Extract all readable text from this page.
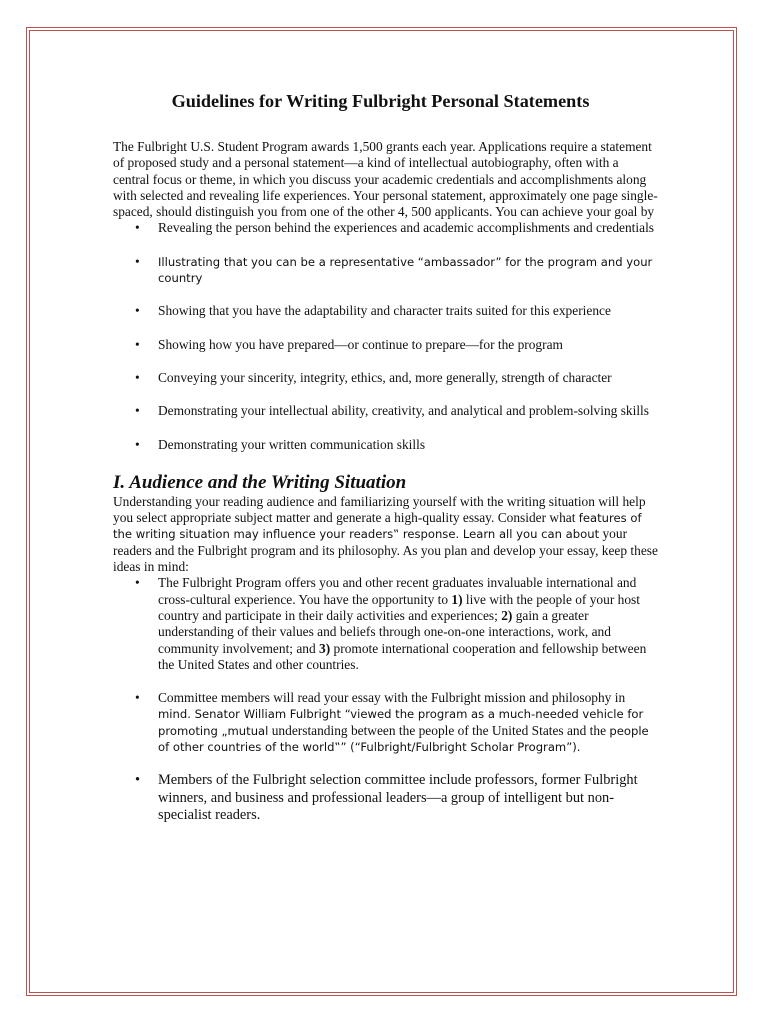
Guidelines for Writing Fulbright Personal Statements

The Fulbright U.S. Student Program awards 1,500 grants each year. Applications require a statement of proposed study and a personal statement—a kind of intellectual autobiography, often with a central focus or theme, in which you discuss your academic credentials and accomplishments along with selected and revealing life experiences. Your personal statement, approximately one page single-spaced, should distinguish you from one of the other 4, 500 applicants. You can achieve your goal by

• Revealing the person behind the experiences and academic accomplishments and credentials
• Illustrating that you can be a representative “ambassador” for the program and your country
• Showing that you have the adaptability and character traits suited for this experience
• Showing how you have prepared—or continue to prepare—for the program
• Conveying your sincerity, integrity, ethics, and, more generally, strength of character
• Demonstrating your intellectual ability, creativity, and analytical and problem-solving skills
• Demonstrating your written communication skills
I. Audience and the Writing Situation

Understanding your reading audience and familiarizing yourself with the writing situation will help you select appropriate subject matter and generate a high-quality essay. Consider what features of the writing situation may influence your readers‟ response. Learn all you can about your readers and the Fulbright program and its philosophy. As you plan and develop your essay, keep these ideas in mind:

• The Fulbright Program offers you and other recent graduates invaluable international and cross-cultural experience. You have the opportunity to 1) live with the people of your host country and participate in their daily activities and experiences; 2) gain a greater understanding of their values and beliefs through one-on-one interactions, work, and community involvement; and 3) promote international cooperation and fellowship between the United States and other countries.
• Committee members will read your essay with the Fulbright mission and philosophy in mind. Senator William Fulbright “viewed the program as a much-needed vehicle for promoting „mutual understanding between the people of the United States and the people of other countries of the world‟” (“Fulbright/Fulbright Scholar Program”).
• Members of the Fulbright selection committee include professors, former Fulbright winners, and business and professional leaders—a group of intelligent but non-specialist readers.
